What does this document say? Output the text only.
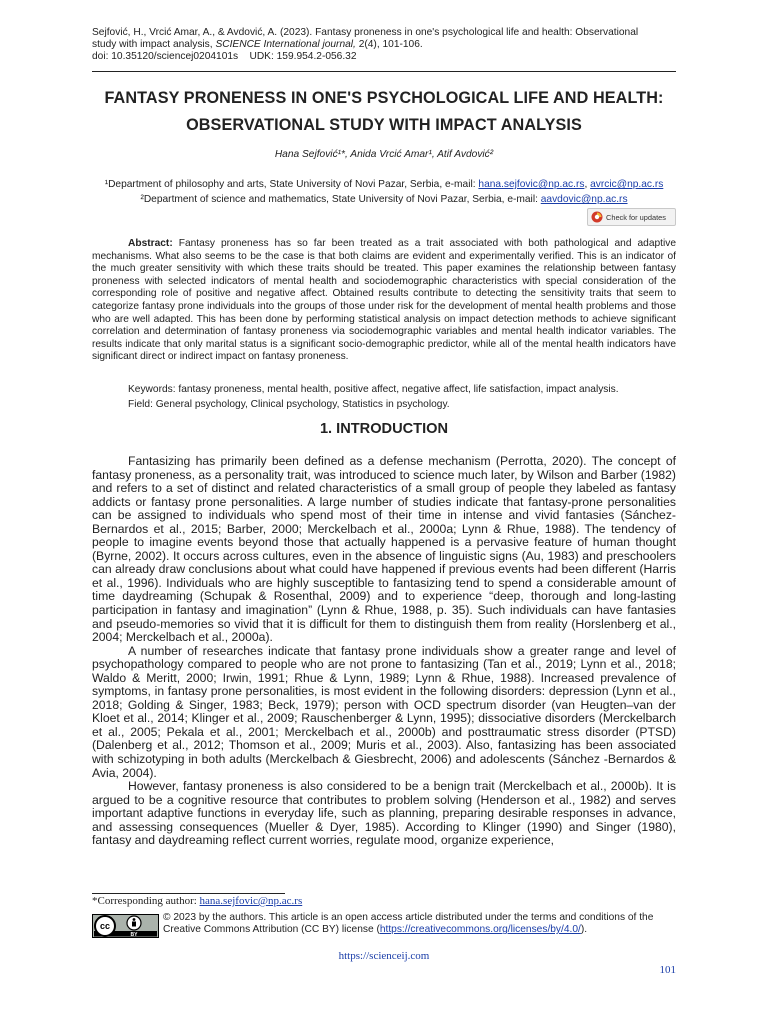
Sejfović, H., Vrcić Amar, A., & Avdović, A. (2023). Fantasy proneness in one's psychological life and health: Observational
study with impact analysis, SCIENCE International journal, 2(4), 101-106.
doi: 10.35120/sciencej0204101s    UDK: 159.954.2-056.32
FANTASY PRONENESS IN ONE'S PSYCHOLOGICAL LIFE AND HEALTH:
OBSERVATIONAL STUDY WITH IMPACT ANALYSIS
Hana Sejfović¹*, Anida Vrcić Amar¹, Atif Avdović²
¹Department of philosophy and arts, State University of Novi Pazar, Serbia, e-mail: hana.sejfovic@np.ac.rs, avrcic@np.ac.rs
²Department of science and mathematics, State University of Novi Pazar, Serbia, e-mail: aavdovic@np.ac.rs
Check for updates

Abstract: Fantasy proneness has so far been treated as a trait associated with both pathological and adaptive mechanisms. What also seems to be the case is that both claims are evident and experimentally verified. This is an indicator of the much greater sensitivity with which these traits should be treated. This paper examines the relationship between fantasy proneness with selected indicators of mental health and sociodemographic characteristics with special consideration of the corresponding role of positive and negative affect. Obtained results contribute to detecting the sensitivity traits that seem to categorize fantasy prone individuals into the groups of those under risk for the development of mental health problems and those who are well adapted. This has been done by performing statistical analysis on impact detection methods to achieve significant correlation and determination of fantasy proneness via sociodemographic variables and mental health indicator variables. The results indicate that only marital status is a significant socio-demographic predictor, while all of the mental health indicators have significant direct or indirect impact on fantasy proneness.

Keywords: fantasy proneness, mental health, positive affect, negative affect, life satisfaction, impact analysis.
Field: General psychology, Clinical psychology, Statistics in psychology.
1. INTRODUCTION

Fantasizing has primarily been defined as a defense mechanism (Perrotta, 2020). The concept of fantasy proneness, as a personality trait, was introduced to science much later, by Wilson and Barber (1982) and refers to a set of distinct and related characteristics of a small group of people they labeled as fantasy addicts or fantasy prone personalities. A large number of studies indicate that fantasy-prone personalities can be assigned to individuals who spend most of their time in intense and vivid fantasies (Sánchez-Bernardos et al., 2015; Barber, 2000; Merckelbach et al., 2000a; Lynn & Rhue, 1988). The tendency of people to imagine events beyond those that actually happened is a pervasive feature of human thought (Byrne, 2002). It occurs across cultures, even in the absence of linguistic signs (Au, 1983) and preschoolers can already draw conclusions about what could have happened if previous events had been different (Harris et al., 1996). Individuals who are highly susceptible to fantasizing tend to spend a considerable amount of time daydreaming (Schupak & Rosenthal, 2009) and to experience “deep, thorough and long-lasting participation in fantasy and imagination” (Lynn & Rhue, 1988, p. 35). Such individuals can have fantasies and pseudo-memories so vivid that it is difficult for them to distinguish them from reality (Horslenberg et al., 2004; Merckelbach et al., 2000a).

A number of researches indicate that fantasy prone individuals show a greater range and level of psychopathology compared to people who are not prone to fantasizing (Tan et al., 2019; Lynn et al., 2018; Waldo & Meritt, 2000; Irwin, 1991; Rhue & Lynn, 1989; Lynn & Rhue, 1988). Increased prevalence of symptoms, in fantasy prone personalities, is most evident in the following disorders: depression (Lynn et al., 2018; Golding & Singer, 1983; Beck, 1979); person with OCD spectrum disorder (van Heugten–van der Kloet et al., 2014; Klinger et al., 2009; Rauschenberger & Lynn, 1995); dissociative disorders (Merckelbarch et al., 2005; Pekala et al., 2001; Merckelbach et al., 2000b) and posttraumatic stress disorder (PTSD) (Dalenberg et al., 2012; Thomson et al., 2009; Muris et al., 2003). Also, fantasizing has been associated with schizotyping in both adults (Merckelbach & Giesbrecht, 2006) and adolescents (Sánchez -Bernardos & Avia, 2004).

However, fantasy proneness is also considered to be a benign trait (Merckelbach et al., 2000b). It is argued to be a cognitive resource that contributes to problem solving (Henderson et al., 1982) and serves important adaptive functions in everyday life, such as planning, preparing desirable responses in advance, and assessing consequences (Mueller & Dyer, 1985). According to Klinger (1990) and Singer (1980), fantasy and daydreaming reflect current worries, regulate mood, organize experience,

*Corresponding author: hana.sejfovic@np.ac.rs
cc
BY
© 2023 by the authors. This article is an open access article distributed under the terms and conditions of the Creative Commons Attribution (CC BY) license (https://creativecommons.org/licenses/by/4.0/).
https://scienceij.com
101
